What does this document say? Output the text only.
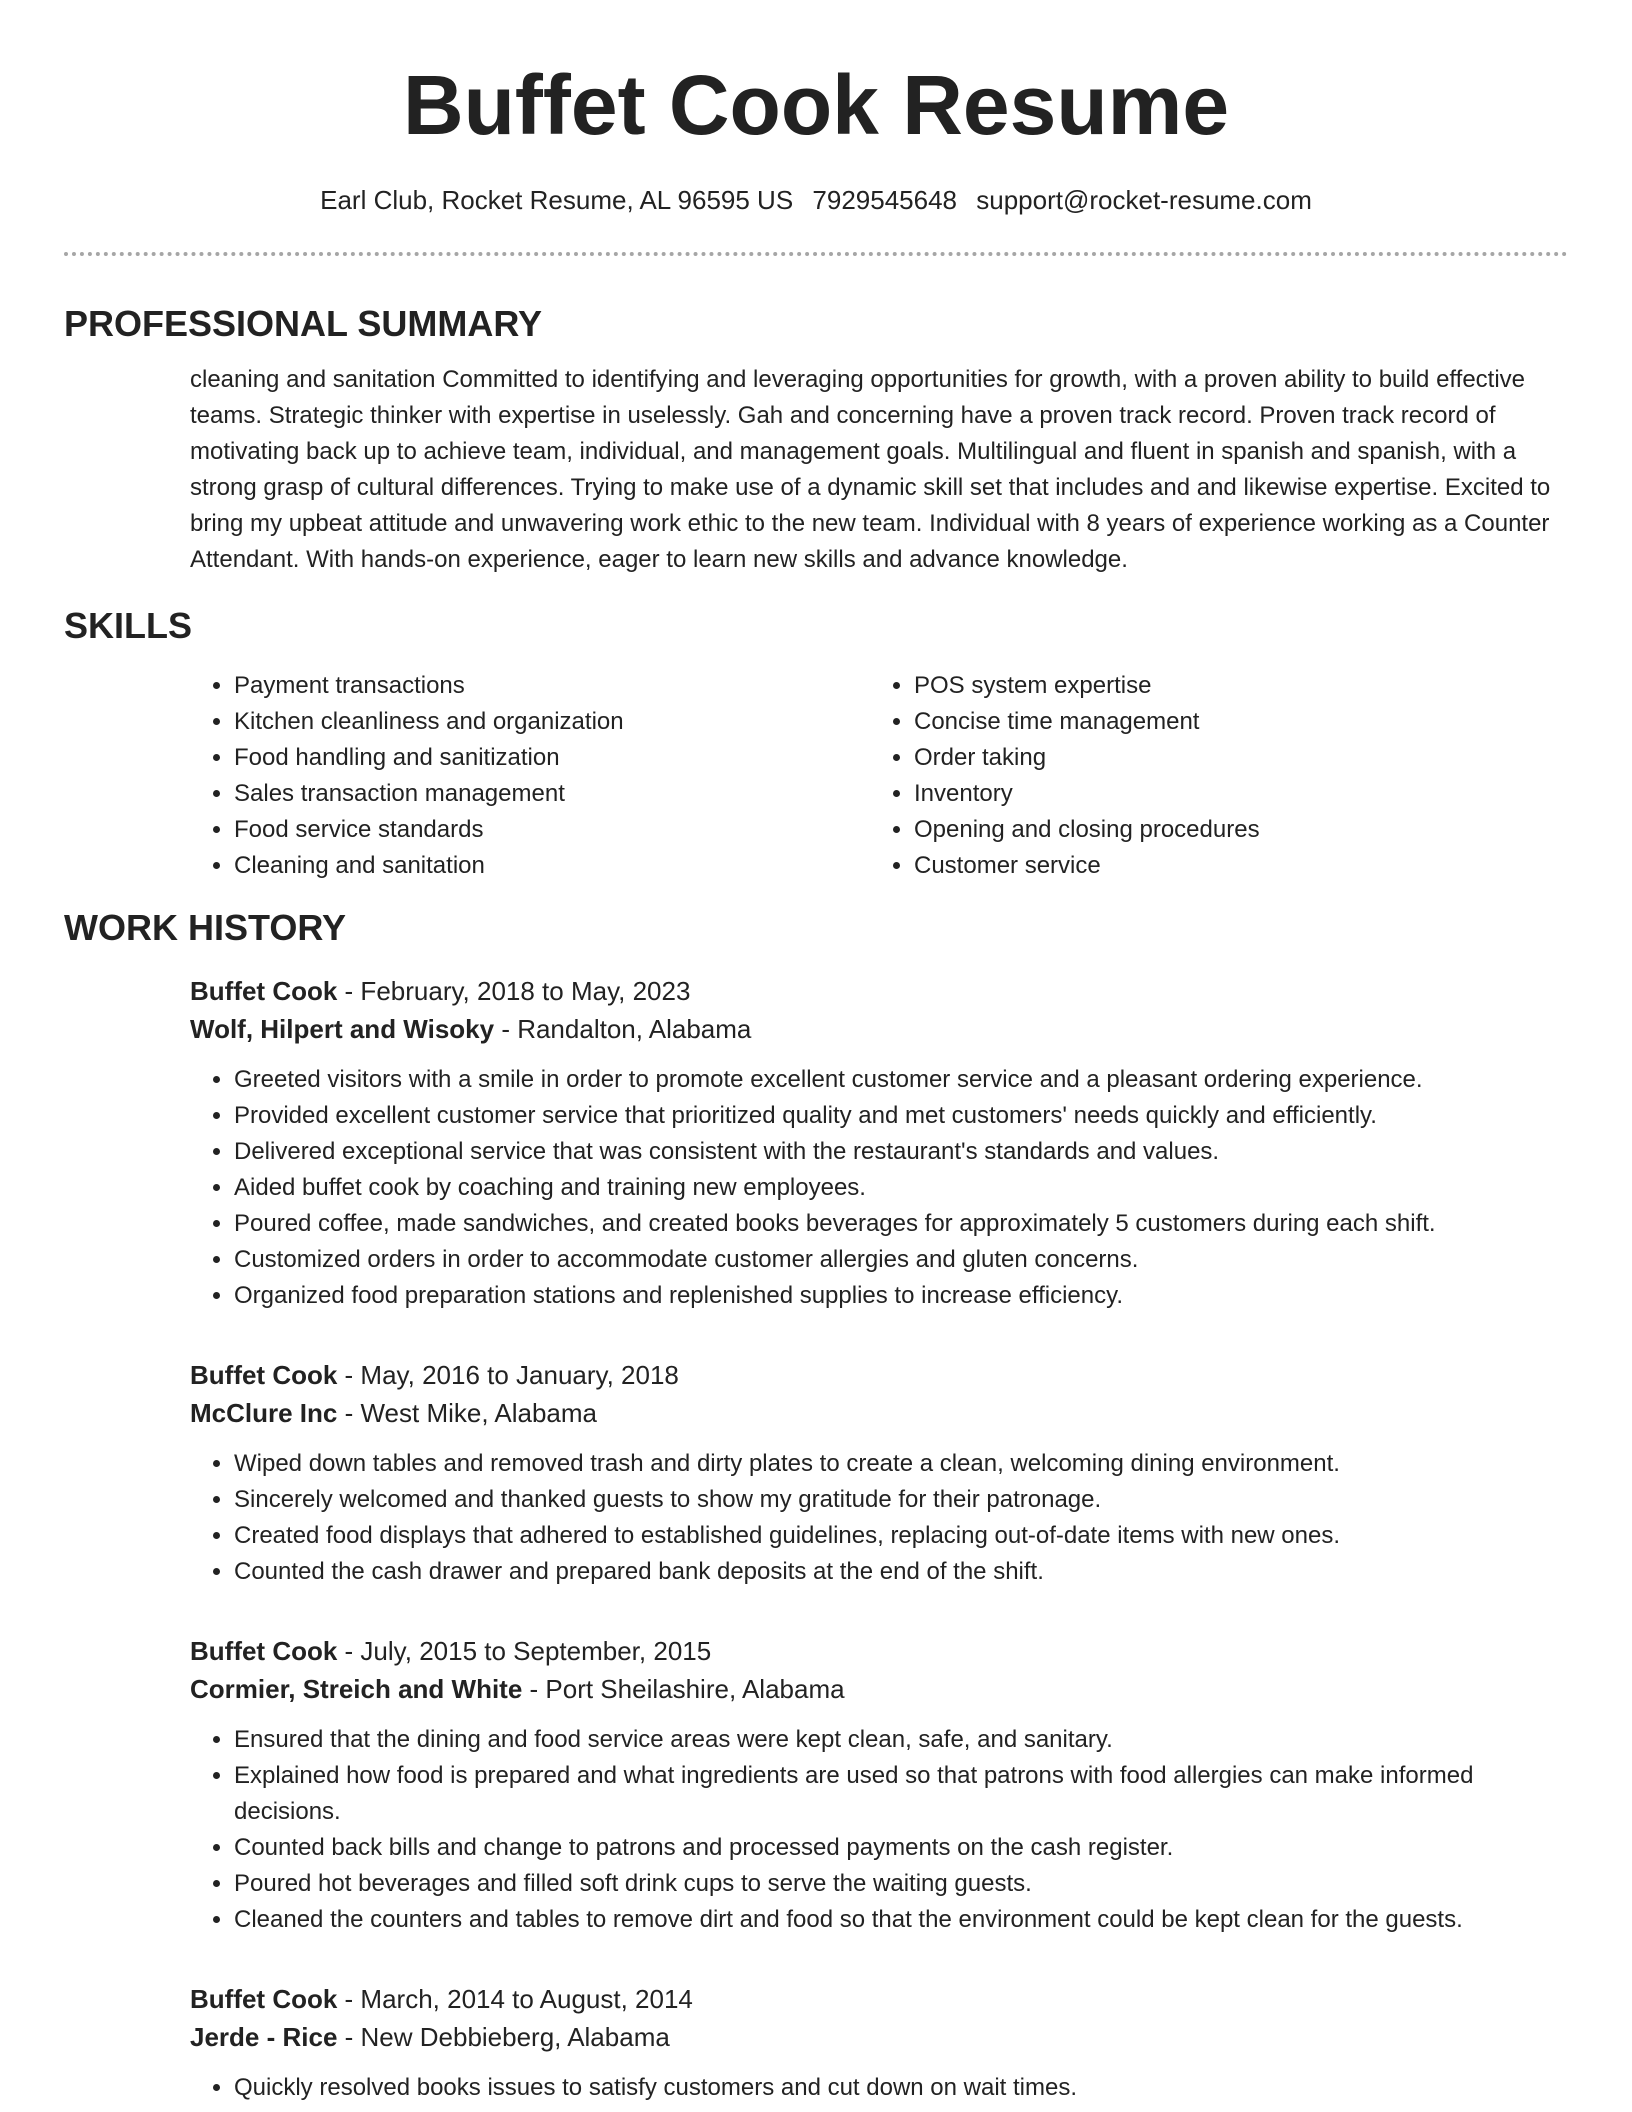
Buffet Cook Resume
Earl Club, Rocket Resume, AL 96595 US 7929545648 support@rocket-resume.com
PROFESSIONAL SUMMARY

cleaning and sanitation Committed to identifying and leveraging opportunities for growth, with a proven ability to build effective teams. Strategic thinker with expertise in uselessly. Gah and concerning have a proven track record. Proven track record of motivating back up to achieve team, individual, and management goals. Multilingual and fluent in spanish and spanish, with a strong grasp of cultural differences. Trying to make use of a dynamic skill set that includes and and likewise expertise. Excited to bring my upbeat attitude and unwavering work ethic to the new team. Individual with 8 years of experience working as a Counter Attendant. With hands-on experience, eager to learn new skills and advance knowledge.

SKILLS
• Payment transactions
• Kitchen cleanliness and organization
• Food handling and sanitization
• Sales transaction management
• Food service standards
• Cleaning and sanitation
• POS system expertise
• Concise time management
• Order taking
• Inventory
• Opening and closing procedures
• Customer service
WORK HISTORY
Buffet Cook - February, 2018 to May, 2023
Wolf, Hilpert and Wisoky - Randalton, Alabama
• Greeted visitors with a smile in order to promote excellent customer service and a pleasant ordering experience.
• Provided excellent customer service that prioritized quality and met customers' needs quickly and efficiently.
• Delivered exceptional service that was consistent with the restaurant's standards and values.
• Aided buffet cook by coaching and training new employees.
• Poured coffee, made sandwiches, and created books beverages for approximately 5 customers during each shift.
• Customized orders in order to accommodate customer allergies and gluten concerns.
• Organized food preparation stations and replenished supplies to increase efficiency.
Buffet Cook - May, 2016 to January, 2018
McClure Inc - West Mike, Alabama
• Wiped down tables and removed trash and dirty plates to create a clean, welcoming dining environment.
• Sincerely welcomed and thanked guests to show my gratitude for their patronage.
• Created food displays that adhered to established guidelines, replacing out-of-date items with new ones.
• Counted the cash drawer and prepared bank deposits at the end of the shift.
Buffet Cook - July, 2015 to September, 2015
Cormier, Streich and White - Port Sheilashire, Alabama
• Ensured that the dining and food service areas were kept clean, safe, and sanitary.
• Explained how food is prepared and what ingredients are used so that patrons with food allergies can make informed decisions.
• Counted back bills and change to patrons and processed payments on the cash register.
• Poured hot beverages and filled soft drink cups to serve the waiting guests.
• Cleaned the counters and tables to remove dirt and food so that the environment could be kept clean for the guests.
Buffet Cook - March, 2014 to August, 2014
Jerde - Rice - New Debbieberg, Alabama
• Quickly resolved books issues to satisfy customers and cut down on wait times.
